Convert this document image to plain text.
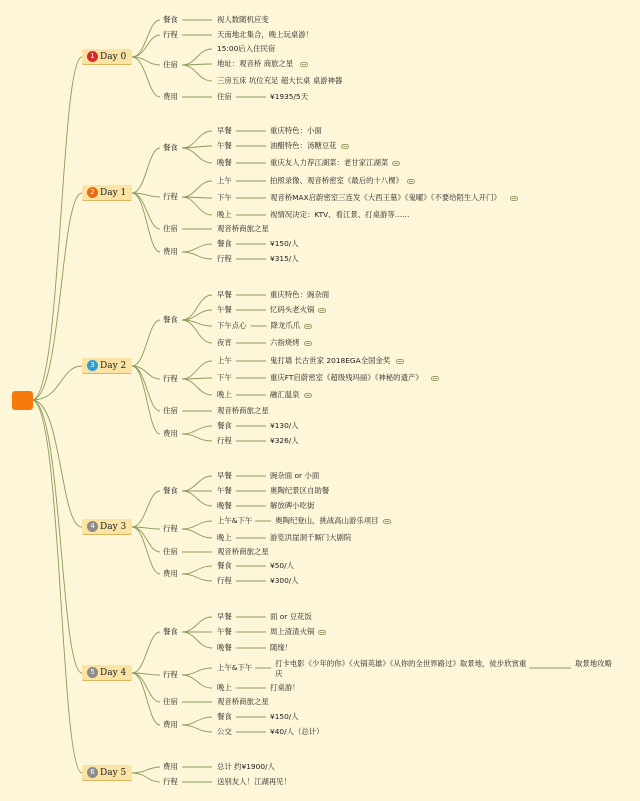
1 Day 0
餐食	视人数随机应变
行程	天南地北集合，晚上玩桌游！
住宿
15:00后入住民宿
地址：观音桥 商旅之星
三房五床 坑位充足 超大长桌 桌游神器
费用	住宿	¥1935/5天
2 Day 1
餐食
早餐	重庆特色：小面
午餐	油醋特色：汤糖豆花
晚餐	重庆友人力荐江湖菜：老甘家江湖菜
行程
上午	拍照录像、观音桥密室《最后的十八棵》
下午	观音桥MAX启蔚密室三连发《大西王墓》《鬼曜》《不要给陌生人开门》
晚上	视情况决定：KTV、看江景、打桌游等……
住宿	观音桥商旅之星
费用
餐食	¥150/人
行程	¥315/人
3 Day 2
餐食
早餐	重庆特色：豌杂面
午餐	忆码头老火锅
下午点心	降龙爪爪
夜宵	六指烧烤
行程
上午	鬼打墙 长古世家 2018EGA全国金奖
下午	重庆FT启蔚密室《超级残玛丽》《神秘的遗产》
晚上	融汇温泉
住宿	观音桥商旅之星
费用
餐食	¥130/人
行程	¥326/人
4 Day 3
餐食
早餐	豌杂面 or 小面
午餐	奥陶纪景区自助餐
晚餐	解放碑小吃街
行程
上午&下午	奥陶纪登山，挑战高山游乐项目
晚上	游览洪崖洞千厮门大剧院
住宿	观音桥商旅之星
费用
餐食	¥50/人
行程	¥300/人
5 Day 4
餐食
早餐	面 or 豆花饭
午餐	周上渣渣火锅
晚餐	随缘！
行程
上午&下午	打卡电影《少年的你》《火锅英雄》《从你的全世界路过》取景地，徒步欣赏重庆
取景地攻略
晚上	打桌游！
住宿	观音桥商旅之星
费用
餐食	¥150/人
公交	¥40/人（总计）
6 Day 5
费用	总计 约¥1900/人
行程	送别友人！江湖再见！
